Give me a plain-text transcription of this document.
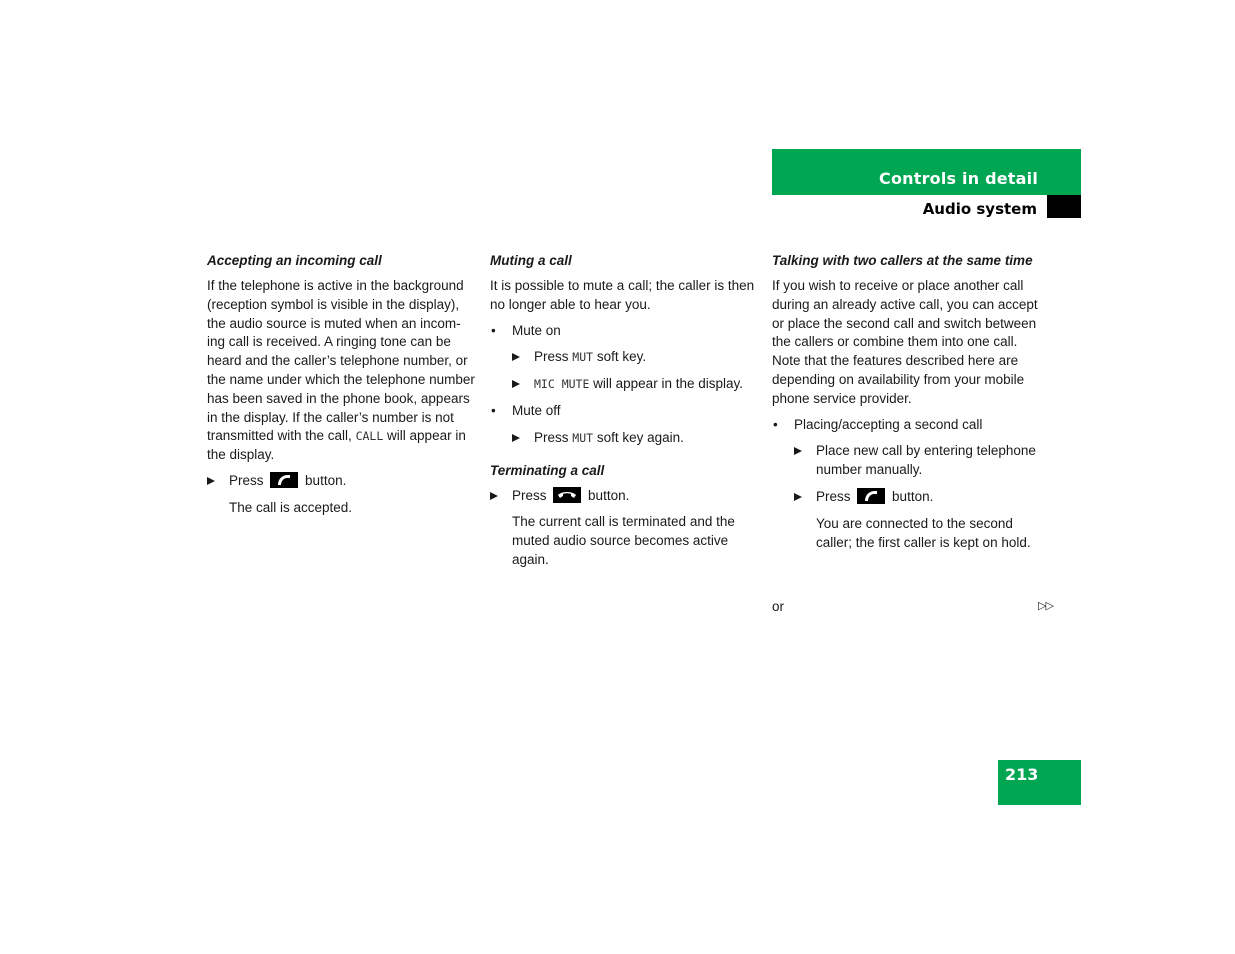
Controls in detail
Audio system
Accepting an incoming call

If the telephone is active in the background (reception symbol is visible in the display), the audio source is muted when an incom-ing call is received. A ringing tone can be heard and the caller’s telephone number, or the name under which the telephone number has been saved in the phone book, appears in the display. If the caller’s number is not transmitted with the call, CALL will appear in the display.

Press	button.
The call is accepted.
Muting a call

It is possible to mute a call; the caller is then no longer able to hear you.

• Mute on
Press MUT soft key.
MIC MUTE will appear in the display.
• Mute off
Press MUT soft key again.
Terminating a call
Press	button.
The current call is terminated and the muted audio source becomes active again.
Talking with two callers at the same time

If you wish to receive or place another call during an already active call, you can accept or place the second call and switch between the callers or combine them into one call. Note that the features described here are depending on availability from your mobile phone service provider.

• Placing/accepting a second call
Place new call by entering telephone number manually.
Press	button.
You are connected to the second caller; the first caller is kept on hold.
or	▷▷
213
